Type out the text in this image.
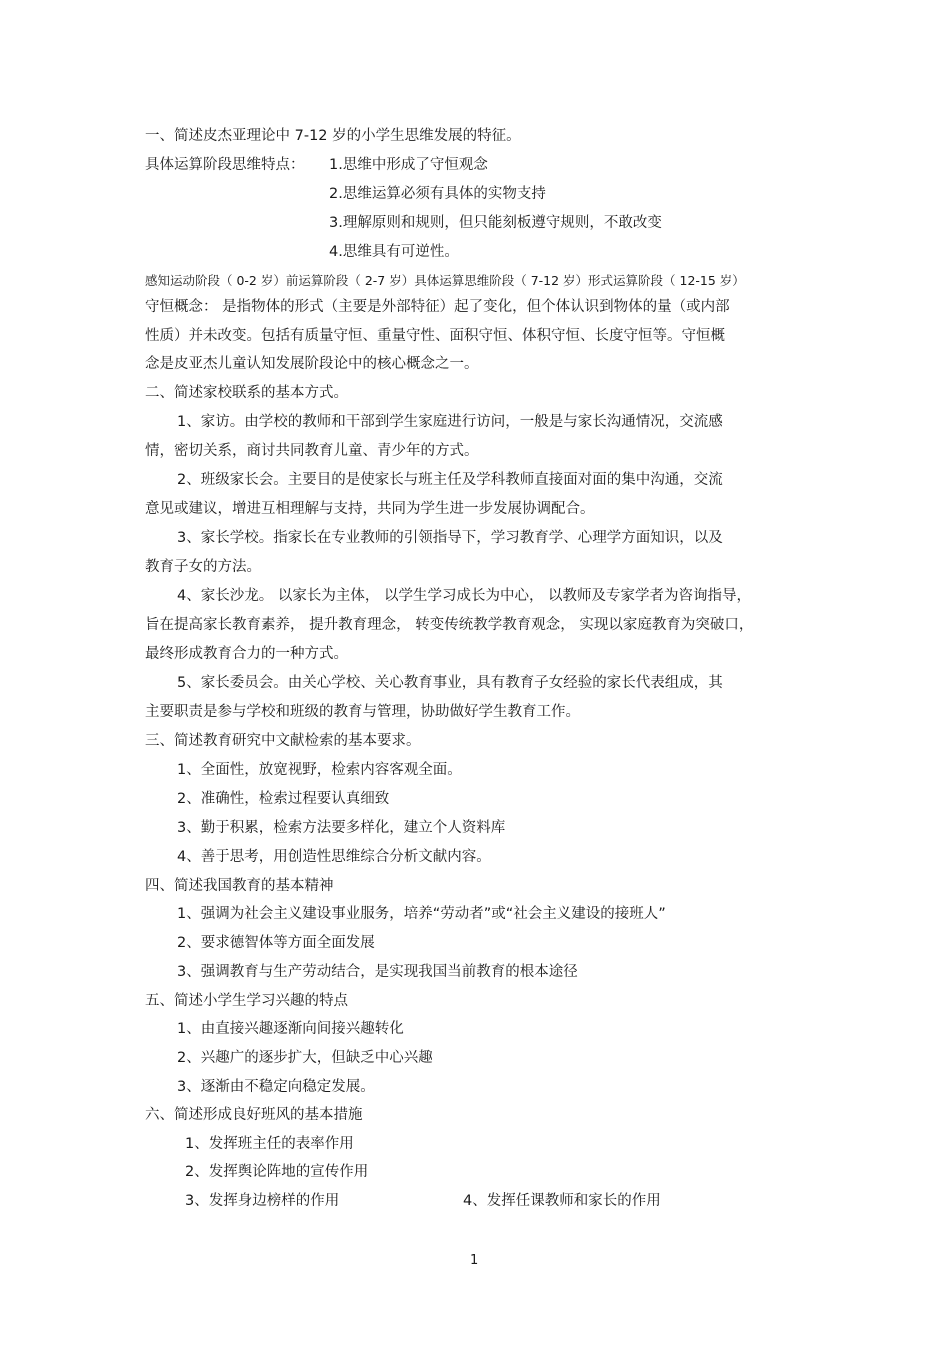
一、简述皮杰亚理论中 7-12 岁的小学生思维发展的特征。
具体运算阶段思维特点： 1.思维中形成了守恒观念
2.思维运算必须有具体的实物支持
3.理解原则和规则，但只能刻板遵守规则，不敢改变
4.思维具有可逆性。
感知运动阶段（ 0-2 岁）前运算阶段（ 2-7 岁）具体运算思维阶段（ 7-12 岁）形式运算阶段（ 12-15 岁）
守恒概念： 是指物体的形式（主要是外部特征）起了变化，但个体认识到物体的量（或内部
性质）并未改变。包括有质量守恒、重量守性、面积守恒、体积守恒、长度守恒等。守恒概
念是皮亚杰儿童认知发展阶段论中的核心概念之一。
二、简述家校联系的基本方式。
1、家访。由学校的教师和干部到学生家庭进行访问，一般是与家长沟通情况，交流感
情，密切关系，商讨共同教育儿童、青少年的方式。
2、班级家长会。主要目的是使家长与班主任及学科教师直接面对面的集中沟通，交流
意见或建议，增进互相理解与支持，共同为学生进一步发展协调配合。
3、家长学校。指家长在专业教师的引领指导下，学习教育学、心理学方面知识，以及
教育子女的方法。
4、家长沙龙。 以家长为主体， 以学生学习成长为中心， 以教师及专家学者为咨询指导，
旨在提高家长教育素养， 提升教育理念， 转变传统教学教育观念， 实现以家庭教育为突破口，
最终形成教育合力的一种方式。
5、家长委员会。由关心学校、关心教育事业，具有教育子女经验的家长代表组成，其
主要职责是参与学校和班级的教育与管理，协助做好学生教育工作。
三、简述教育研究中文献检索的基本要求。
1、全面性，放宽视野，检索内容客观全面。
2、准确性，检索过程要认真细致
3、勤于积累，检索方法要多样化，建立个人资料库
4、善于思考，用创造性思维综合分析文献内容。
四、简述我国教育的基本精神
1、强调为社会主义建设事业服务，培养“劳动者”或“社会主义建设的接班人”
2、要求德智体等方面全面发展
3、强调教育与生产劳动结合，是实现我国当前教育的根本途径
五、简述小学生学习兴趣的特点
1、由直接兴趣逐渐向间接兴趣转化
2、兴趣广的逐步扩大，但缺乏中心兴趣
3、逐渐由不稳定向稳定发展。
六、简述形成良好班风的基本措施
1、发挥班主任的表率作用
2、发挥舆论阵地的宣传作用
3、发挥身边榜样的作用	4、发挥任课教师和家长的作用
1
